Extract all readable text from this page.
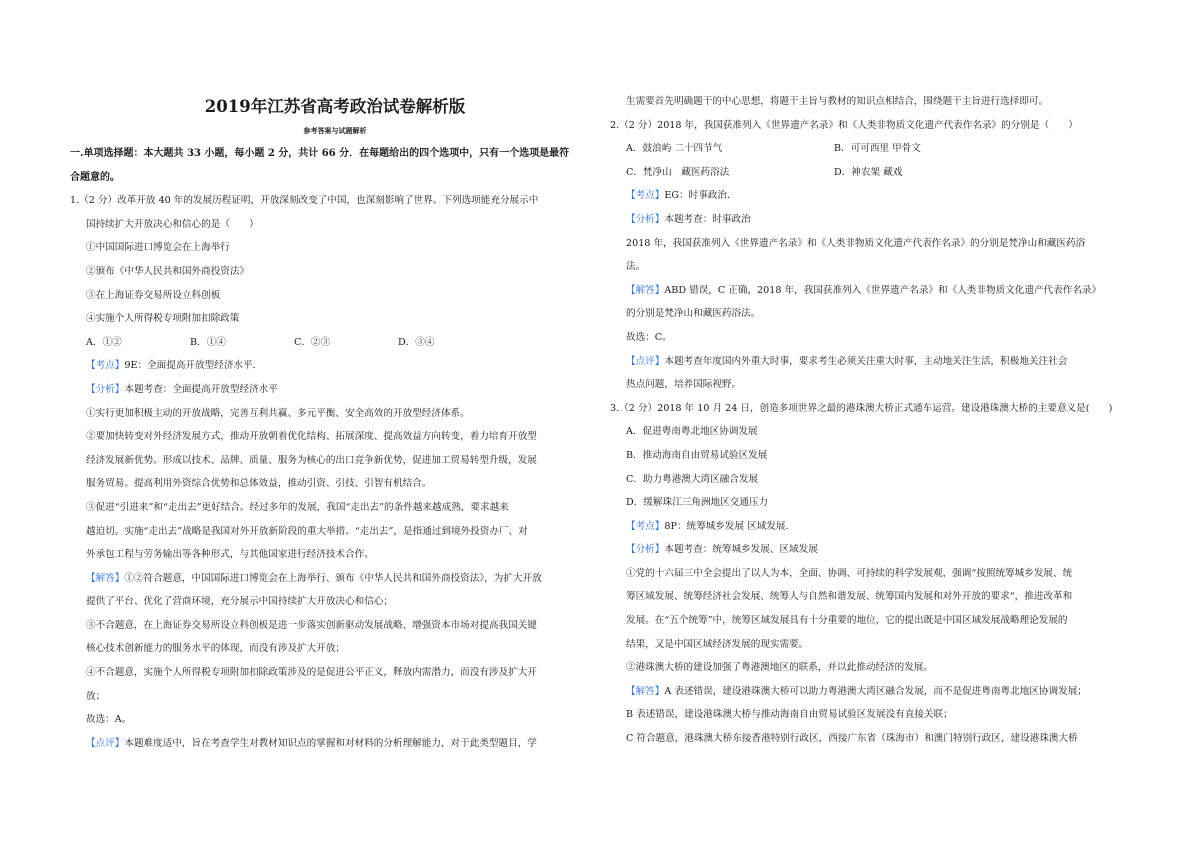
2019年江苏省高考政治试卷解析版
参考答案与试题解析

一.单项选择题：本大题共 33 小题，每小题 2 分，共计 66 分．在每题给出的四个选项中，只有一个选项是最符

合题意的。

1.（2 分）改革开放 40 年的发展历程证明，开放深刻改变了中国，也深刻影响了世界。下列选项能充分展示中

国持续扩大开放决心和信心的是（　　）

①中国国际进口博览会在上海举行

②颁布《中华人民共和国外商投资法》

③在上海证券交易所设立科创板

④实施个人所得税专项附加扣除政策

A．①②	B．①④	C．②③	D．③④

【考点】9E：全面提高开放型经济水平．

【分析】本题考查：全面提高开放型经济水平

①实行更加积极主动的开放战略，完善互利共赢、多元平衡、安全高效的开放型经济体系。

②要加快转变对外经济发展方式，推动开放朝着优化结构、拓展深度、提高效益方向转变，着力培育开放型

经济发展新优势。形成以技术、品牌、质量、服务为核心的出口竞争新优势，促进加工贸易转型升级，发展

服务贸易。提高利用外资综合优势和总体效益，推动引资、引技、引智有机结合。

③促进“引进来”和“走出去”更好结合。经过多年的发展，我国“走出去”的条件越来越成熟，要求越来

越迫切。实施“走出去”战略是我国对外开放新阶段的重大举措。“走出去”，是指通过到境外投资办厂、对

外承包工程与劳务输出等各种形式，与其他国家进行经济技术合作。

【解答】①②符合题意，中国国际进口博览会在上海举行、颁布《中华人民共和国外商投资法》，为扩大开放

提供了平台、优化了营商环境，充分展示中国持续扩大开放决心和信心；

③不合题意，在上海证券交易所设立科创板是进一步落实创新驱动发展战略、增强资本市场对提高我国关键

核心技术创新能力的服务水平的体现，而没有涉及扩大开放；

④不合题意，实施个人所得税专项附加扣除政策涉及的是促进公平正义，释放内需潜力，而没有涉及扩大开

放；

故选：A。

【点评】本题难度适中，旨在考查学生对教材知识点的掌握和对材料的分析理解能力，对于此类型题目，学

生需要首先明确题干的中心思想，将题干主旨与教材的知识点相结合，围绕题干主旨进行选择即可。

2.（2 分）2018 年，我国获准列入《世界遗产名录》和《人类非物质文化遗产代表作名录》的分别是（　　）

A．鼓浪屿 二十四节气	B．可可西里 甲骨文
C．梵净山　藏医药浴法	D．神农架 藏戏

【考点】EG：时事政治．

【分析】本题考查：时事政治

2018 年，我国获准列入《世界遗产名录》和《人类非物质文化遗产代表作名录》的分别是梵净山和藏医药浴

法。

【解答】ABD 错误，C 正确，2018 年，我国获准列入《世界遗产名录》和《人类非物质文化遗产代表作名录》

的分别是梵净山和藏医药浴法。

故选：C。

【点评】本题考查年度国内外重大时事，要求考生必须关注重大时事，主动地关注生活，积极地关注社会

热点问题，培养国际视野。

3.（2 分）2018 年 10 月 24 日，创造多项世界之最的港珠澳大桥正式通车运营。建设港珠澳大桥的主要意义是(　　)

A．促进粤南粤北地区协调发展

B．推动海南自由贸易试验区发展

C．助力粤港澳大湾区融合发展

D．缓解珠江三角洲地区交通压力

【考点】8P：统筹城乡发展 区域发展．

【分析】本题考查：统筹城乡发展、区域发展

①党的十六届三中全会提出了以人为本，全面、协调、可持续的科学发展观，强调“按照统筹城乡发展、统

筹区域发展、统筹经济社会发展、统筹人与自然和谐发展、统筹国内发展和对外开放的要求“，推进改革和

发展。在“五个统筹”中，统筹区域发展具有十分重要的地位，它的提出既是中国区域发展战略理论发展的

结果，又是中国区域经济发展的现实需要。

②港珠澳大桥的建设加强了粤港澳地区的联系，并以此推动经济的发展。

【解答】A 表述错误，建设港珠澳大桥可以助力粤港澳大湾区融合发展，而不是促进粤南粤北地区协调发展；

B 表述错误，建设港珠澳大桥与推动海南自由贸易试验区发展没有直接关联；

C 符合题意，港珠澳大桥东接香港特别行政区，西接广东省（珠海市）和澳门特别行政区，建设港珠澳大桥
